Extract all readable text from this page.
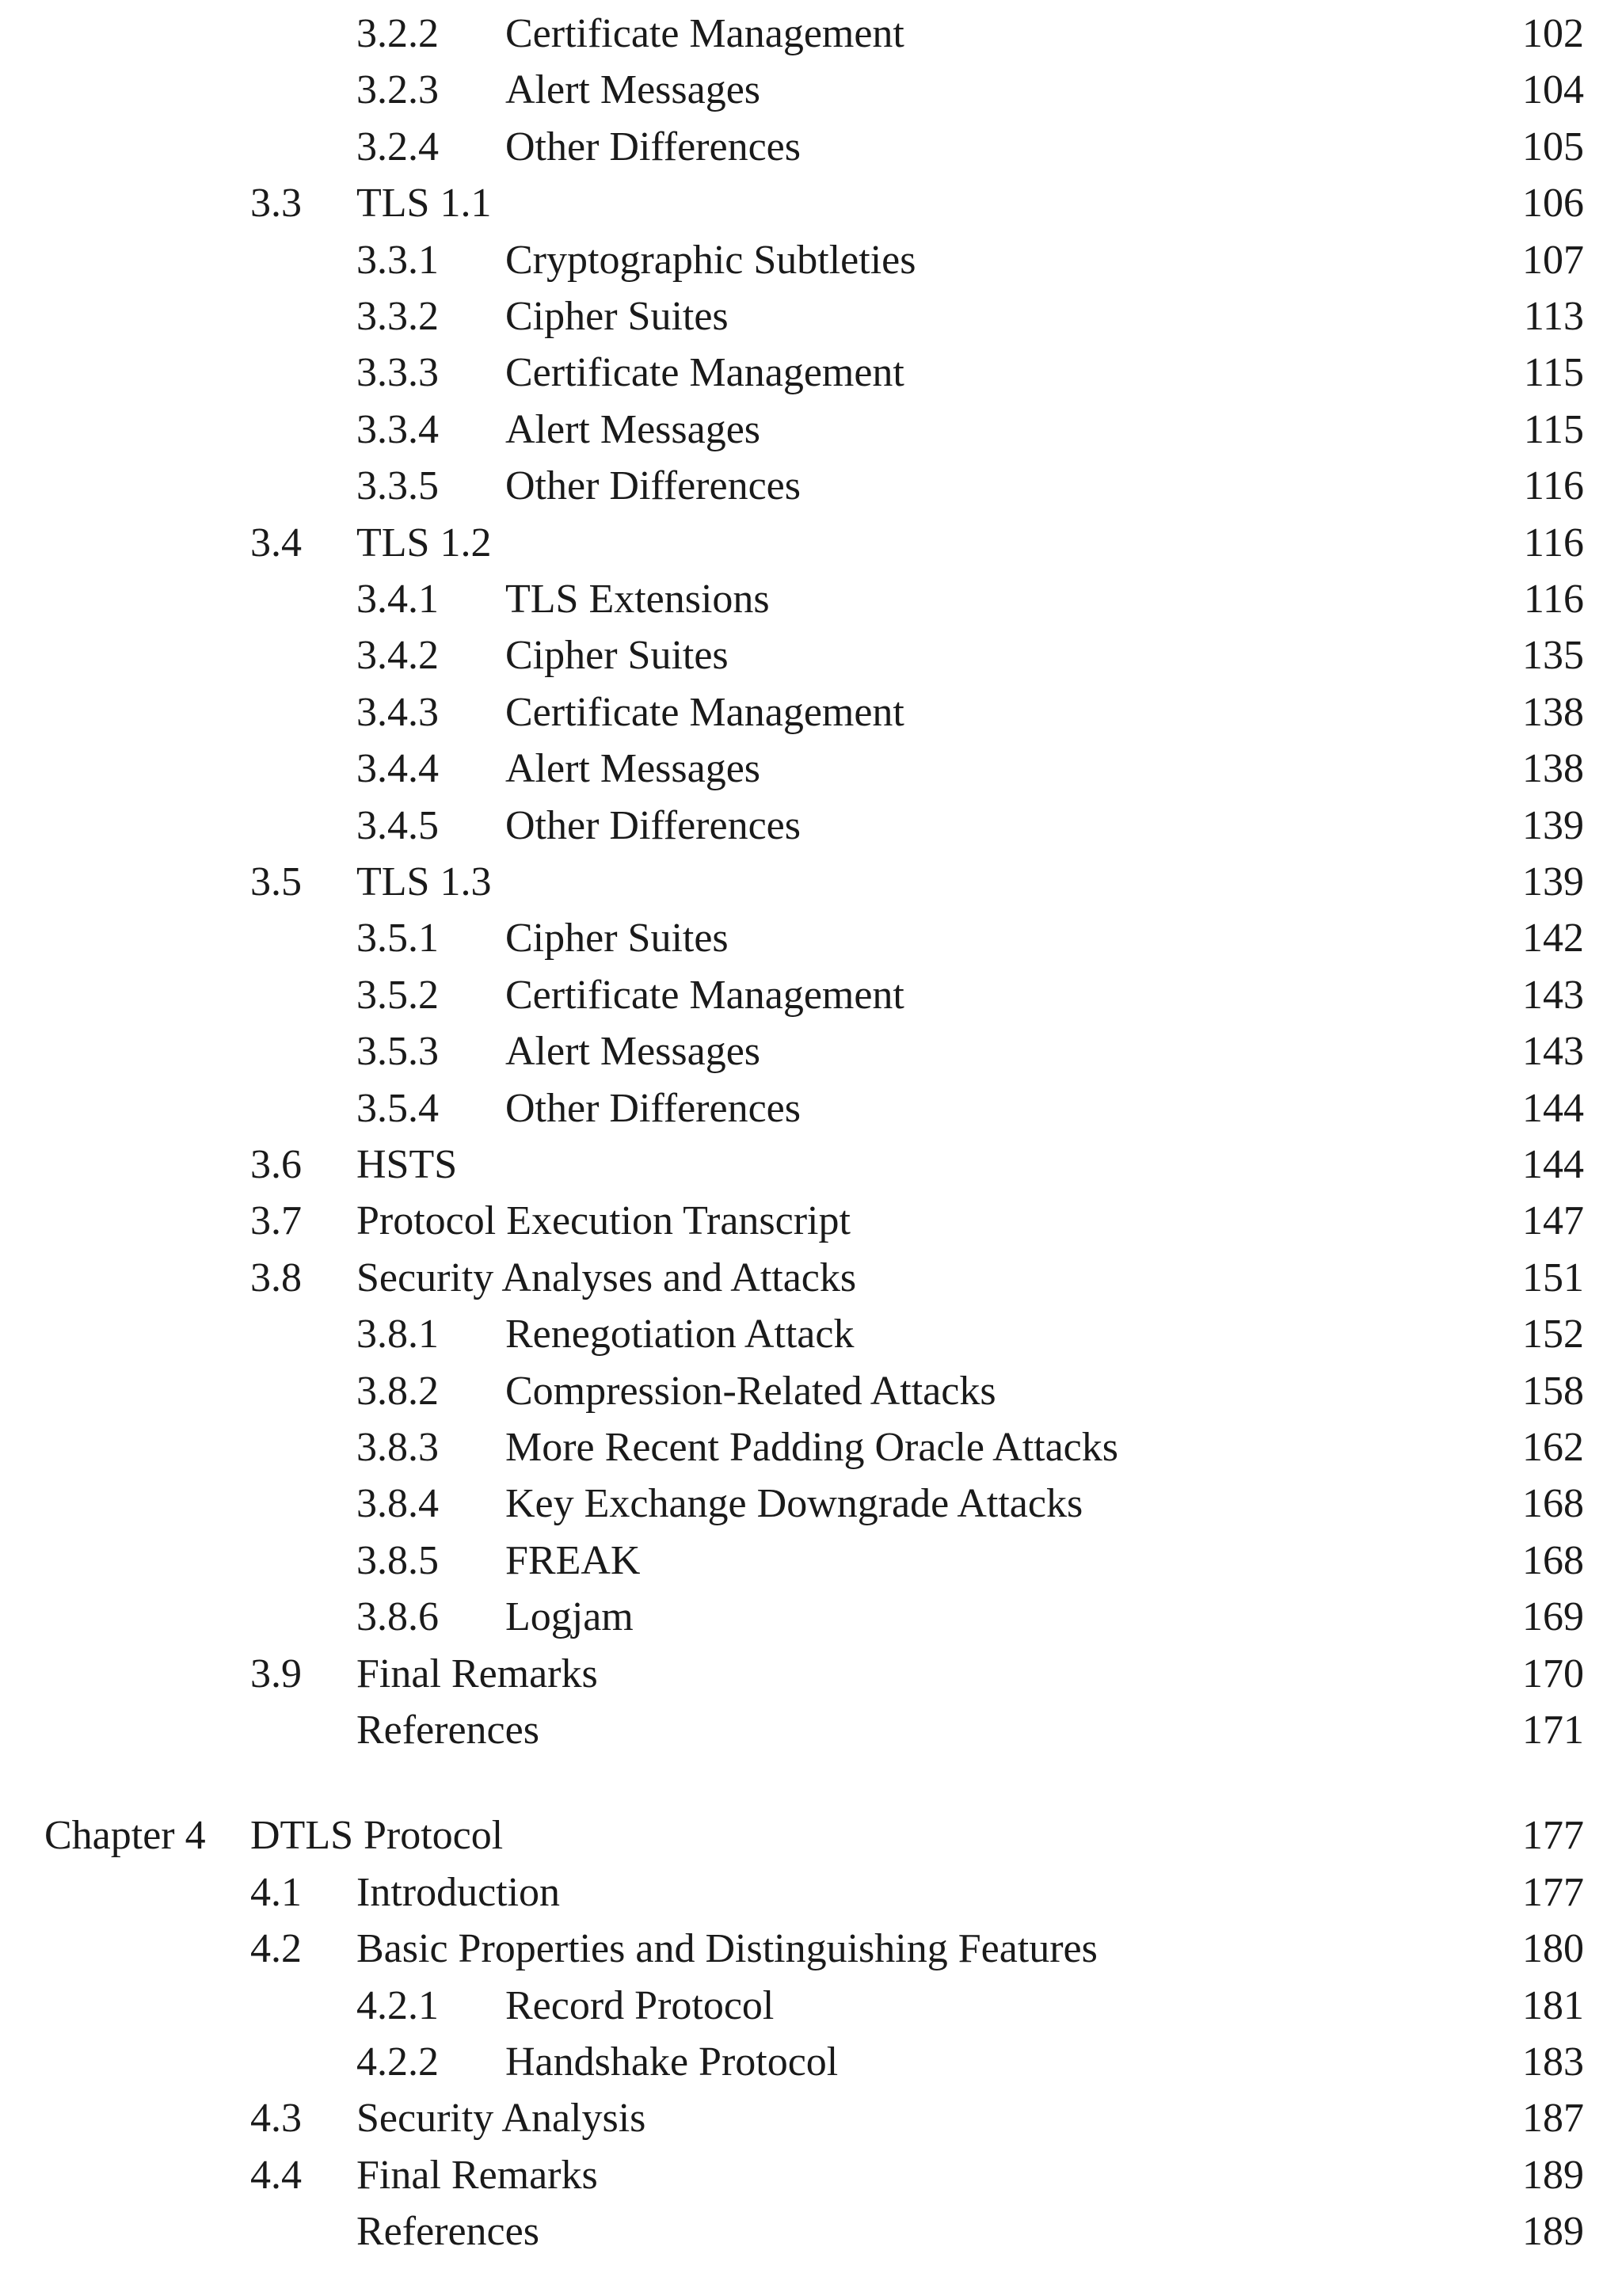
3.2.2 Certificate Management	102
3.2.3 Alert Messages	104
3.2.4 Other Differences	105
3.3 TLS 1.1	106
3.3.1 Cryptographic Subtleties	107
3.3.2 Cipher Suites	113
3.3.3 Certificate Management	115
3.3.4 Alert Messages	115
3.3.5 Other Differences	116
3.4 TLS 1.2	116
3.4.1 TLS Extensions	116
3.4.2 Cipher Suites	135
3.4.3 Certificate Management	138
3.4.4 Alert Messages	138
3.4.5 Other Differences	139
3.5 TLS 1.3	139
3.5.1 Cipher Suites	142
3.5.2 Certificate Management	143
3.5.3 Alert Messages	143
3.5.4 Other Differences	144
3.6 HSTS	144
3.7 Protocol Execution Transcript	147
3.8 Security Analyses and Attacks	151
3.8.1 Renegotiation Attack	152
3.8.2 Compression-Related Attacks	158
3.8.3 More Recent Padding Oracle Attacks	162
3.8.4 Key Exchange Downgrade Attacks	168
3.8.5 FREAK	168
3.8.6 Logjam	169
3.9 Final Remarks	170
References	171
Chapter 4 DTLS Protocol	177
4.1 Introduction	177
4.2 Basic Properties and Distinguishing Features	180
4.2.1 Record Protocol	181
4.2.2 Handshake Protocol	183
4.3 Security Analysis	187
4.4 Final Remarks	189
References	189
